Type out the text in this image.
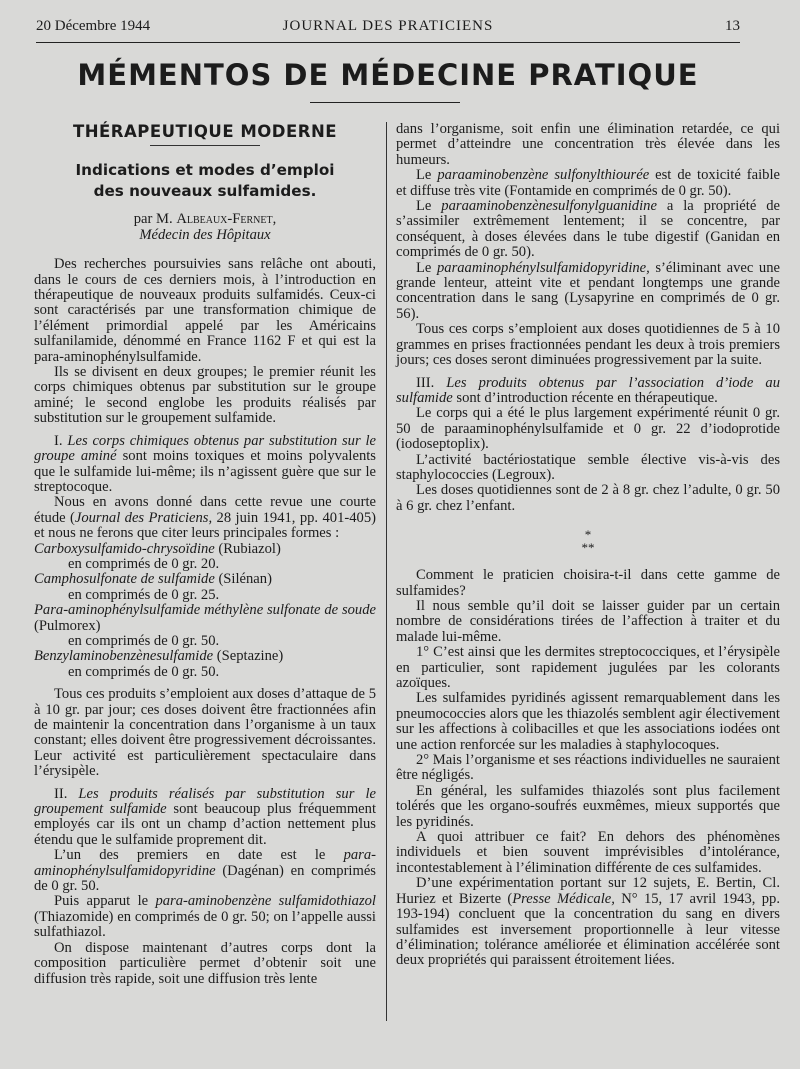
20 Décembre 1944	JOURNAL DES PRATICIENS	13
MÉMENTOS DE MÉDECINE PRATIQUE
THÉRAPEUTIQUE MODERNE
Indications et modes d’emploi
des nouveaux sulfamides.

par M. Albeaux-Fernet,

Médecin des Hôpitaux

Des recherches poursuivies sans relâche ont abouti, dans le cours de ces derniers mois, à l’introduction en thérapeutique de nouveaux produits sulfamidés. Ceux-ci sont caractérisés par une transformation chimique de l’élément primordial appelé par les Américains sulfanilamide, dénommé en France 1162 F et qui est la para-aminophénylsulfamide.

Ils se divisent en deux groupes; le premier réunit les corps chimiques obtenus par substitution sur le groupe aminé; le second englobe les produits réalisés par substitution sur le groupement sulfamide.

I. Les corps chimiques obtenus par substitution sur le groupe aminé sont moins toxiques et moins polyvalents que le sulfamide lui-même; ils n’agissent guère que sur le streptocoque.

Nous en avons donné dans cette revue une courte étude (Journal des Praticiens, 28 juin 1941, pp. 401-405) et nous ne ferons que citer leurs principales formes :

Carboxysulfamido-chrysoïdine (Rubiazol)
en comprimés de 0 gr. 20.
Camphosulfonate de sulfamide (Silénan)
en comprimés de 0 gr. 25.
Para-aminophénylsulfamide méthylène sulfonate de soude (Pulmorex)
en comprimés de 0 gr. 50.
Benzylaminobenzènesulfamide (Septazine)
en comprimés de 0 gr. 50.

Tous ces produits s’emploient aux doses d’attaque de 5 à 10 gr. par jour; ces doses doivent être fractionnées afin de maintenir la concentration dans l’organisme à un taux constant; elles doivent être progressivement décroissantes. Leur activité est particulièrement spectaculaire dans l’érysipèle.

II. Les produits réalisés par substitution sur le groupement sulfamide sont beaucoup plus fréquemment employés car ils ont un champ d’action nettement plus étendu que le sulfamide proprement dit.

L’un des premiers en date est le para-aminophénylsulfamidopyridine (Dagénan) en comprimés de 0 gr. 50.

Puis apparut le para-aminobenzène sulfamidothiazol (Thiazomide) en comprimés de 0 gr. 50; on l’appelle aussi sulfathiazol.

On dispose maintenant d’autres corps dont la composition particulière permet d’obtenir soit une diffusion très rapide, soit une diffusion très lente

dans l’organisme, soit enfin une élimination retardée, ce qui permet d’atteindre une concentration très élevée dans les humeurs.

Le paraaminobenzène sulfonylthiourée est de toxicité faible et diffuse très vite (Fontamide en comprimés de 0 gr. 50).

Le paraaminobenzènesulfonylguanidine a la propriété de s’assimiler extrêmement lentement; il se concentre, par conséquent, à doses élevées dans le tube digestif (Ganidan en comprimés de 0 gr. 50).

Le paraaminophénylsulfamidopyridine, s’éliminant avec une grande lenteur, atteint vite et pendant longtemps une grande concentration dans le sang (Lysapyrine en comprimés de 0 gr. 56).

Tous ces corps s’emploient aux doses quotidiennes de 5 à 10 grammes en prises fractionnées pendant les deux à trois premiers jours; ces doses seront diminuées progressivement par la suite.

III. Les produits obtenus par l’association d’iode au sulfamide sont d’introduction récente en thérapeutique.

Le corps qui a été le plus largement expérimenté réunit 0 gr. 50 de paraaminophénylsulfamide et 0 gr. 22 d’iodoprotide (iodoseptoplix).

L’activité bactériostatique semble élective vis-à-vis des staphylococcies (Legroux).

Les doses quotidiennes sont de 2 à 8 gr. chez l’adulte, 0 gr. 50 à 6 gr. chez l’enfant.

*
**

Comment le praticien choisira-t-il dans cette gamme de sulfamides?

Il nous semble qu’il doit se laisser guider par un certain nombre de considérations tirées de l’affection à traiter et du malade lui-même.

1° C’est ainsi que les dermites streptococciques, et l’érysipèle en particulier, sont rapidement jugulées par les colorants azoïques.

Les sulfamides pyridinés agissent remarquablement dans les pneumococcies alors que les thiazolés semblent agir électivement sur les affections à colibacilles et que les associations iodées ont une action renforcée sur les maladies à staphylocoques.

2° Mais l’organisme et ses réactions individuelles ne sauraient être négligés.

En général, les sulfamides thiazolés sont plus facilement tolérés que les organo-soufrés euxmêmes, mieux supportés que les pyridinés.

A quoi attribuer ce fait? En dehors des phénomènes individuels et bien souvent imprévisibles d’intolérance, incontestablement à l’élimination différente de ces sulfamides.

D’une expérimentation portant sur 12 sujets, E. Bertin, Cl. Huriez et Bizerte (Presse Médicale, N° 15, 17 avril 1943, pp. 193-194) concluent que la concentration du sang en divers sulfamides est inversement proportionnelle à leur vitesse d’élimination; tolérance améliorée et élimination accélérée sont deux propriétés qui paraissent étroitement liées.
